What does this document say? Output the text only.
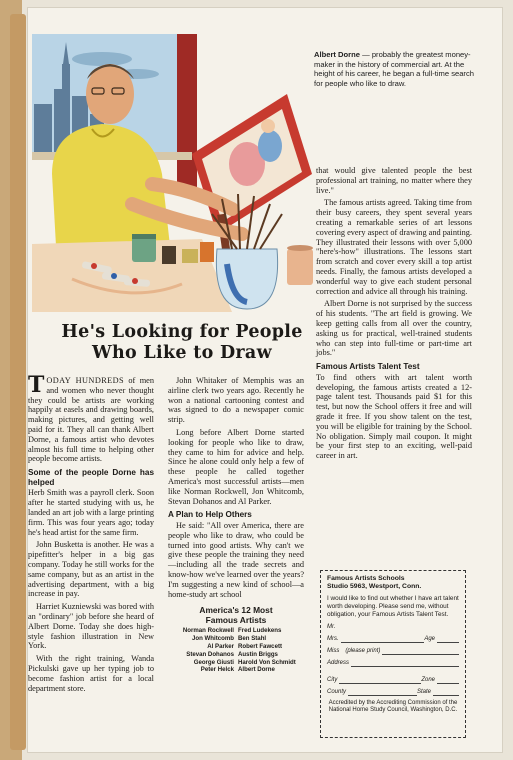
Albert Dorne — probably the greatest money-maker in the history of commercial art. At the height of his career, he began a full-time search for people who like to draw.
He's Looking for People
Who Like to Draw

TODAY HUNDREDS of men and women who never thought they could be artists are working happily at easels and drawing boards, making pictures, and getting well paid for it. They all can thank Albert Dorne, a famous artist who devotes almost his full time to helping other people become artists.

Some of the people Dorne has helped

Herb Smith was a payroll clerk. Soon after he started studying with us, he landed an art job with a large printing firm. This was four years ago; today he's head artist for the same firm.

John Busketta is another. He was a pipefitter's helper in a big gas company. Today he still works for the same company, but as an artist in the advertising department, with a big increase in pay.

Harriet Kuzniewski was bored with an "ordinary" job before she heard of Albert Dorne. Today she does high-style fashion illustration in New York.

With the right training, Wanda Pickulski gave up her typing job to become fashion artist for a local department store.

John Whitaker of Memphis was an airline clerk two years ago. Recently he won a national cartooning contest and was signed to do a newspaper comic strip.

Long before Albert Dorne started looking for people who like to draw, they came to him for advice and help. Since he alone could only help a few of these people he called together America's most successful artists—men like Norman Rockwell, Jon Whitcomb, Stevan Dohanos and Al Parker.

A Plan to Help Others

He said: "All over America, there are people who like to draw, who could be turned into good artists. Why can't we give these people the training they need—including all the trade secrets and know-how we've learned over the years? I'm suggesting a new kind of school—a home-study art school

America's 12 Most
Famous Artists
Norman Rockwell Fred Ludekens
Jon Whitcomb Ben Stahl
Al Parker Robert Fawcett
Stevan Dohanos Austin Briggs
George Giusti Harold Von Schmidt
Peter Helck Albert Dorne

that would give talented people the best professional art training, no matter where they live."

The famous artists agreed. Taking time from their busy careers, they spent several years creating a remarkable series of art lessons covering every aspect of drawing and painting. They illustrated their lessons with over 5,000 "here's-how" illustrations. The lessons start from scratch and cover every skill a top artist needs. Finally, the famous artists developed a wonderful way to give each student personal correction and advice all through his training.

Albert Dorne is not surprised by the success of his students. "The art field is growing. We keep getting calls from all over the country, asking us for practical, well-trained students who can step into full-time or part-time art jobs."

Famous Artists Talent Test

To find others with art talent worth developing, the famous artists created a 12-page talent test. Thousands paid $1 for this test, but now the School offers it free and will grade it free. If you show talent on the test, you will be eligible for training by the School. No obligation. Simply mail coupon. It might be your first step to an exciting, well-paid career in art.

Famous Artists Schools
Studio 5963, Westport, Conn.
I would like to find out whether I have art talent worth developing. Please send me, without obligation, your Famous Artists Talent Test.
Mr.
Mrs.	Age
Miss (please print)
Address
City	Zone
County	State
Accredited by the Accrediting Commission of the National Home Study Council, Washington, D.C.
